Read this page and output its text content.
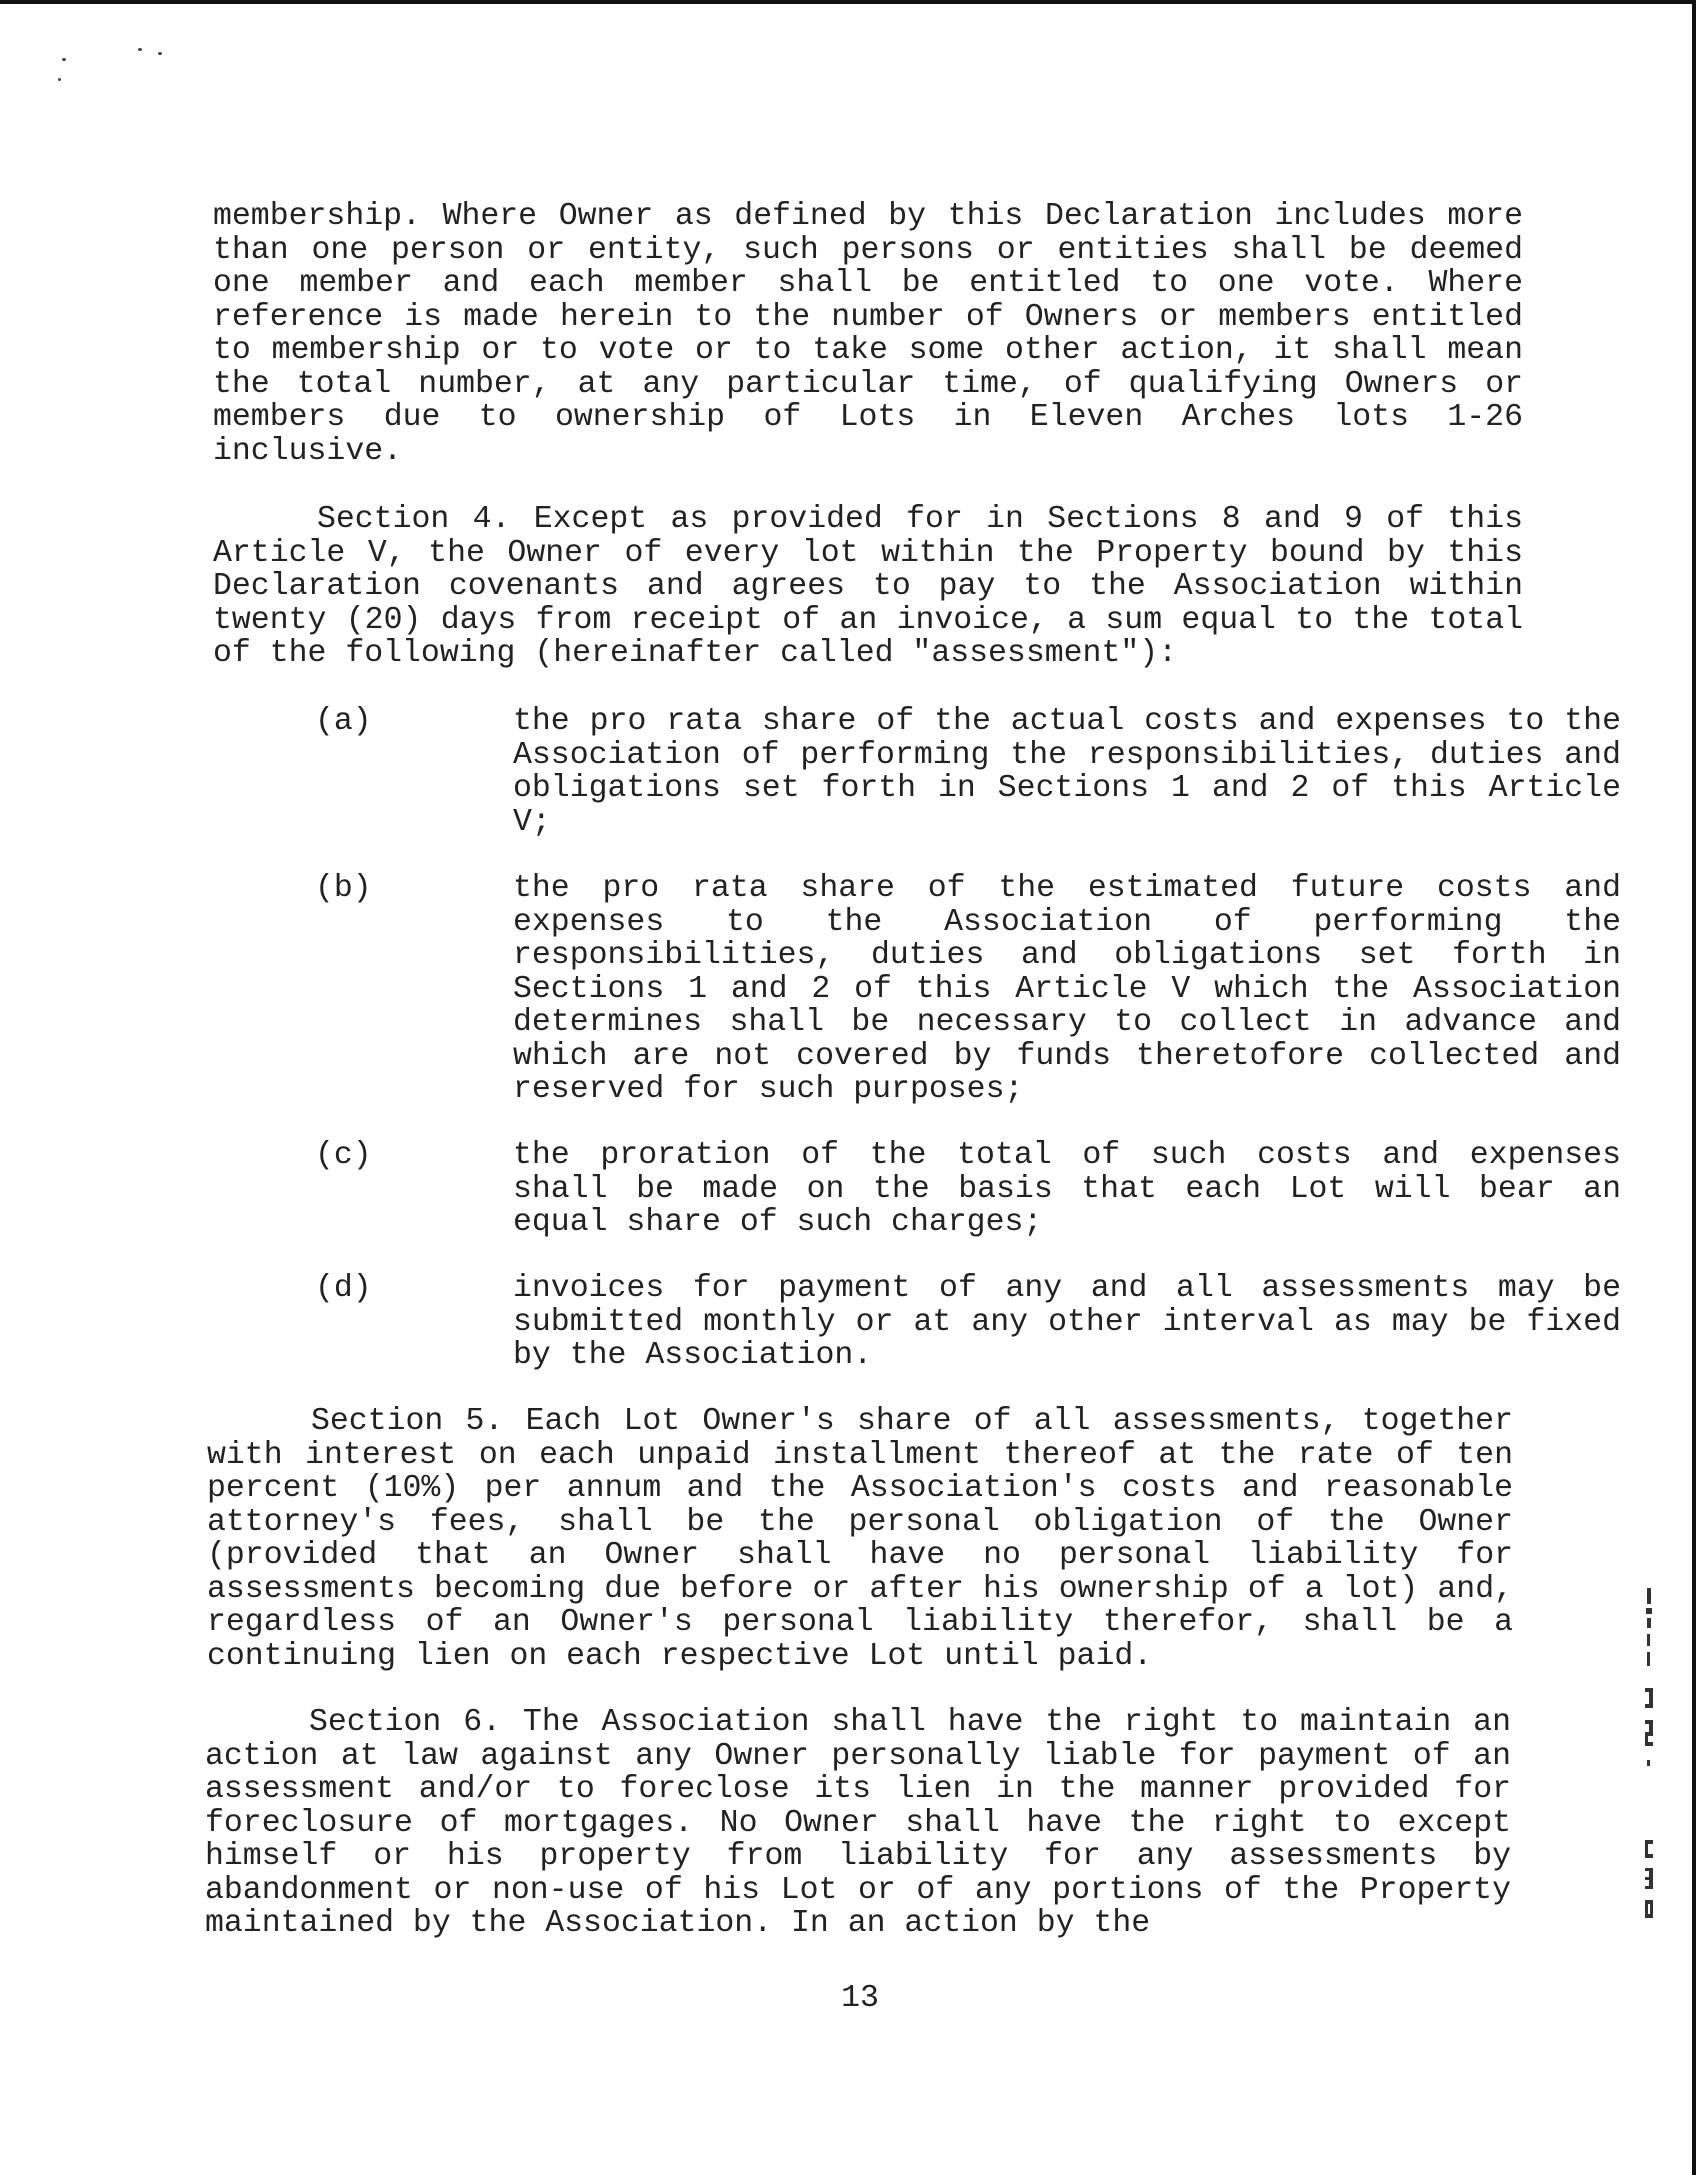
membership. Where Owner as defined by this Declaration includes more than one person or entity, such persons or entities shall be deemed one member and each member shall be entitled to one vote. Where reference is made herein to the number of Owners or members entitled to membership or to vote or to take some other action, it shall mean the total number, at any particular time, of qualifying Owners or members due to ownership of Lots in Eleven Arches lots 1-26 inclusive.

Section 4. Except as provided for in Sections 8 and 9 of this Article V, the Owner of every lot within the Property bound by this Declaration covenants and agrees to pay to the Association within twenty (20) days from receipt of an invoice, a sum equal to the total of the following (hereinafter called "assessment"):

(a)	the pro rata share of the actual costs and expenses to the Association of performing the responsibilities, duties and obligations set forth in Sections 1 and 2 of this Article V;

(b)	the pro rata share of the estimated future costs and expenses to the Association of performing the responsibilities, duties and obligations set forth in Sections 1 and 2 of this Article V which the Association determines shall be necessary to collect in advance and which are not covered by funds theretofore collected and reserved for such purposes;

(c)	the proration of the total of such costs and expenses shall be made on the basis that each Lot will bear an equal share of such charges;

(d)	invoices for payment of any and all assessments may be submitted monthly or at any other interval as may be fixed by the Association.

Section 5. Each Lot Owner's share of all assessments, together with interest on each unpaid installment thereof at the rate of ten percent (10%) per annum and the Association's costs and reasonable attorney's fees, shall be the personal obligation of the Owner (provided that an Owner shall have no personal liability for assessments becoming due before or after his ownership of a lot) and, regardless of an Owner's personal liability therefor, shall be a continuing lien on each respective Lot until paid.

Section 6. The Association shall have the right to maintain an action at law against any Owner personally liable for payment of an assessment and/or to foreclose its lien in the manner provided for foreclosure of mortgages. No Owner shall have the right to except himself or his property from liability for any assessments by abandonment or non-use of his Lot or of any portions of the Property maintained by the Association. In an action by the

13
